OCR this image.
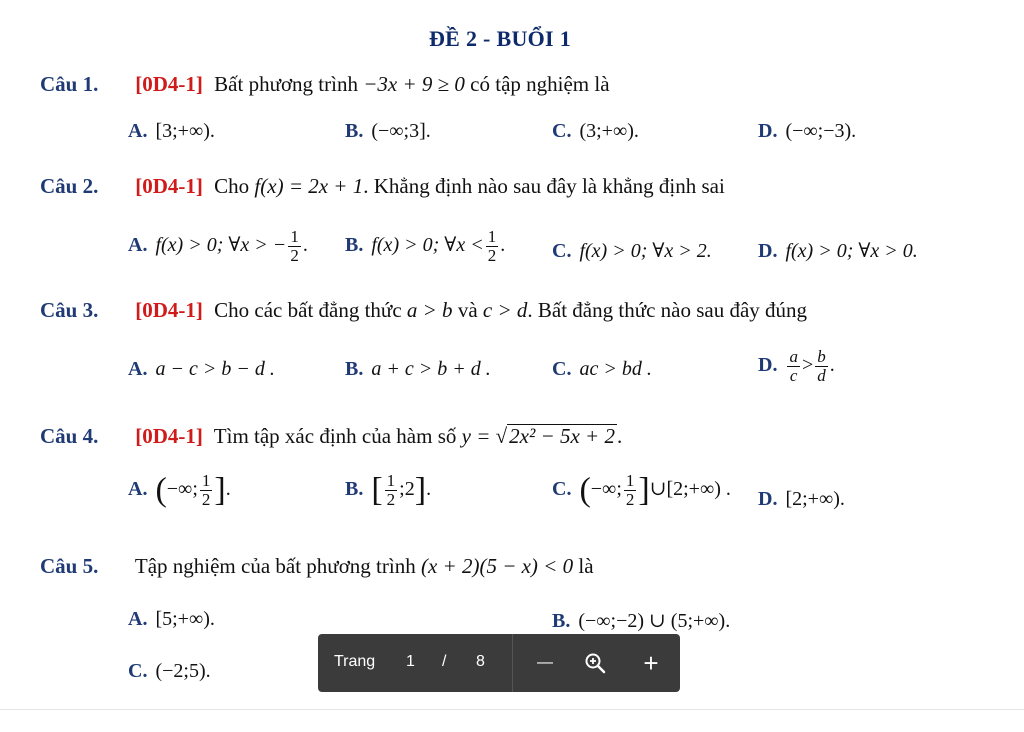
ĐỀ 2 - BUỔI 1
Câu 1. [0D4-1] Bất phương trình −3x + 9 ≥ 0 có tập nghiệm là
A. [3;+∞).	B. (−∞;3].	C. (3;+∞).	D. (−∞;−3).
Câu 2. [0D4-1] Cho f(x) = 2x + 1. Khẳng định nào sau đây là khẳng định sai
A. f(x) > 0; ∀x > − $\frac{1}{2}$ . B. f(x) > 0; ∀x < $\frac{1}{2}$ . C. f(x) > 0; ∀x > 2. D. f(x) > 0; ∀x > 0.
Câu 3. [0D4-1] Cho các bất đẳng thức a > b và c > d. Bất đẳng thức nào sau đây đúng
A. a − c > b − d .	B. a + c > b + d .	C. ac > bd .	D. $\frac{a}{c} > \frac{b}{d}$ .
Câu 4. [0D4-1] Tìm tập xác định của hàm số y = √2x² − 5x + 2.
A. (−∞; $\frac{1}{2}$ ].	B. [ $\frac{1}{2}$ ;2].	C. (−∞; $\frac{1}{2}$ ]∪[2;+∞) . D. [2;+∞).
Câu 5. Tập nghiệm của bất phương trình (x + 2)(5 − x) < 0 là
A. [5;+∞).	B. (−∞;−2) ∪ (5;+∞).
C. (−2;5).	Trang 1 / 8	—	+
